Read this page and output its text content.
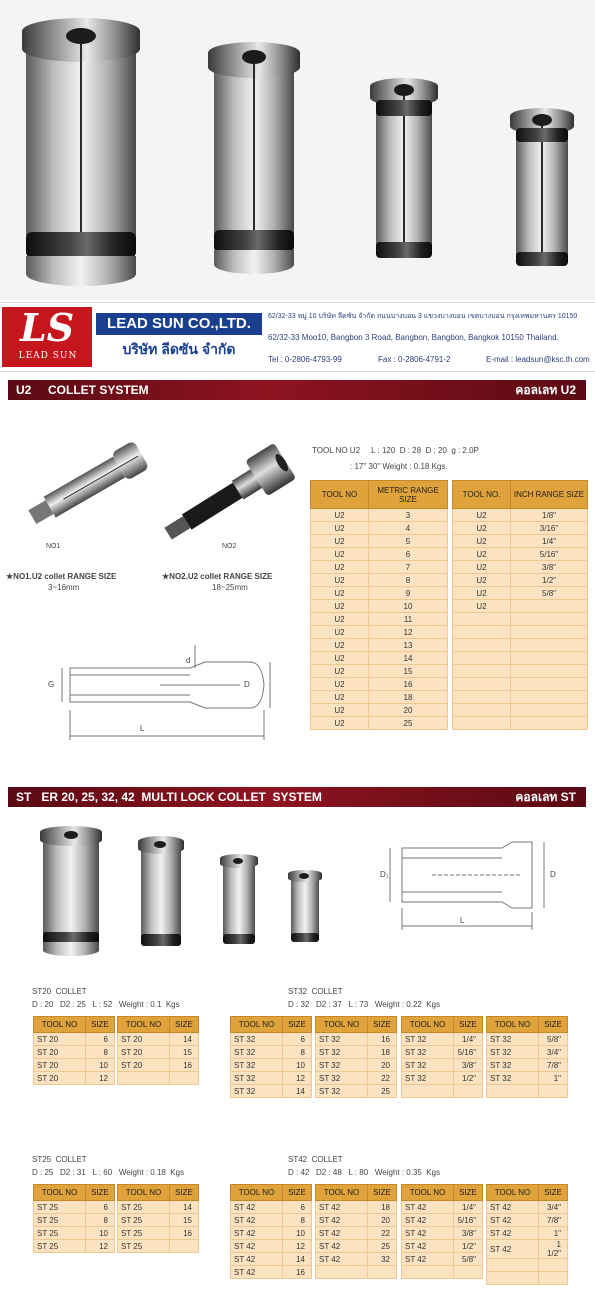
LS
LEAD SUN
LEAD SUN CO.,LTD.
บริษัท ลีดซัน จำกัด
62/32-33 หมู่ 10 บริษัท ลีดซัน จำกัด ถนนบางบอน 3 แขวงบางบอน เขตบางบอน กรุงเทพมหานคร 10150
62/32-33 Moo10, Bangbon 3 Road, Bangbon, Bangbon, Bangkok 10150 Thailand.
Tel : 0-2806-4793-99	Fax : 0-2806-4791-2	E-mail : leadsun@ksc.th.com
U2     COLLET SYSTEM	คอลเลท U2
NO1	NO2
★NO1.U2 collet RANGE SIZE
3~16mm
★NO2.U2 collet RANGE SIZE
18~25mm
d
G	D
L
TOOL NO U2     L : 120  D : 28  D : 20  g : 2.0P
: 17" 30" Weight : 0.18 Kgs.
TOOL NO	METRIC RANGE SIZE
U2	3
U2	4
U2	5
U2	6
U2	7
U2	8
U2	9
U2	10
U2	11
U2	12
U2	13
U2	14
U2	15
U2	16
U2	18
U2	20
U2	25
TOOL NO.	INCH RANGE SIZE
U2	1/8"
U2	3/16"
U2	1/4"
U2	5/16"
U2	3/8"
U2	1/2"
U2	5/8"
U2	

ST   ER 20, 25, 32, 42  MULTI LOCK COLLET  SYSTEM	คอลเลท ST
D₁	D
L
ST20  COLLET
D : 20   D2 : 25   L : 52   Weight : 0.1  Kgs
ST32  COLLET
D : 32   D2 : 37   L : 73   Weight : 0.22  Kgs
ST25  COLLET
D : 25   D2 : 31   L : 60   Weight : 0.18  Kgs
ST42  COLLET
D : 42   D2 : 48   L : 80   Weight : 0.35  Kgs
TOOL NO	SIZE
ST 20	6
ST 20	8
ST 20	10
ST 20	12
TOOL NO	SIZE
ST 20	14
ST 20	15
ST 20	16

TOOL NO	SIZE
ST 32	6
ST 32	8
ST 32	10
ST 32	12
ST 32	14
TOOL NO	SIZE
ST 32	16
ST 32	18
ST 32	20
ST 32	22
ST 32	25
TOOL NO	SIZE
ST 32	1/4"
ST 32	5/16"
ST 32	3/8"
ST 32	1/2"

TOOL NO	SIZE
ST 32	5/8"
ST 32	3/4"
ST 32	7/8"
ST 32	1"

TOOL NO	SIZE
ST 25	6
ST 25	8
ST 25	10
ST 25	12
TOOL NO	SIZE
ST 25	14
ST 25	15
ST 25	16
ST 25	
TOOL NO	SIZE
ST 42	6
ST 42	8
ST 42	10
ST 42	12
ST 42	14
ST 42	16
TOOL NO	SIZE
ST 42	18
ST 42	20
ST 42	22
ST 42	25
ST 42	32

TOOL NO	SIZE
ST 42	1/4"
ST 42	5/16"
ST 42	3/8"
ST 42	1/2"
ST 42	5/8"

TOOL NO	SIZE
ST 42	3/4"
ST 42	7/8"
ST 42	1"
ST 42	1 1/2"
